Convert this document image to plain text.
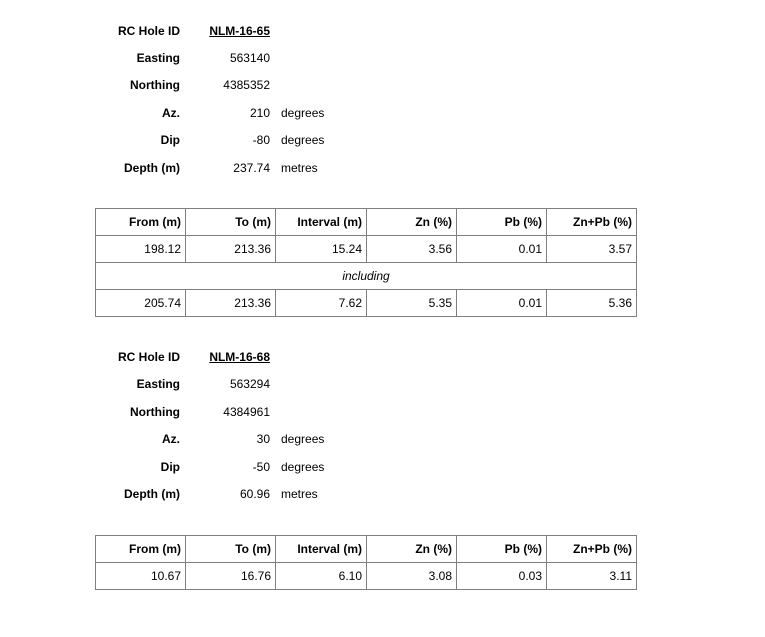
RC Hole ID	NLM-16-65
Easting	563140
Northing	4385352
Az.	210 degrees
Dip	-80 degrees
Depth (m)	237.74 metres
From (m)	To (m)	Interval (m)	Zn (%)	Pb (%)	Zn+Pb (%)
198.12	213.36	15.24	3.56	0.01	3.57
including					
205.74	213.36	7.62	5.35	0.01	5.36
RC Hole ID	NLM-16-68
Easting	563294
Northing	4384961
Az.	30 degrees
Dip	-50 degrees
Depth (m)	60.96 metres
From (m)	To (m)	Interval (m)	Zn (%)	Pb (%)	Zn+Pb (%)
10.67	16.76	6.10	3.08	0.03	3.11
